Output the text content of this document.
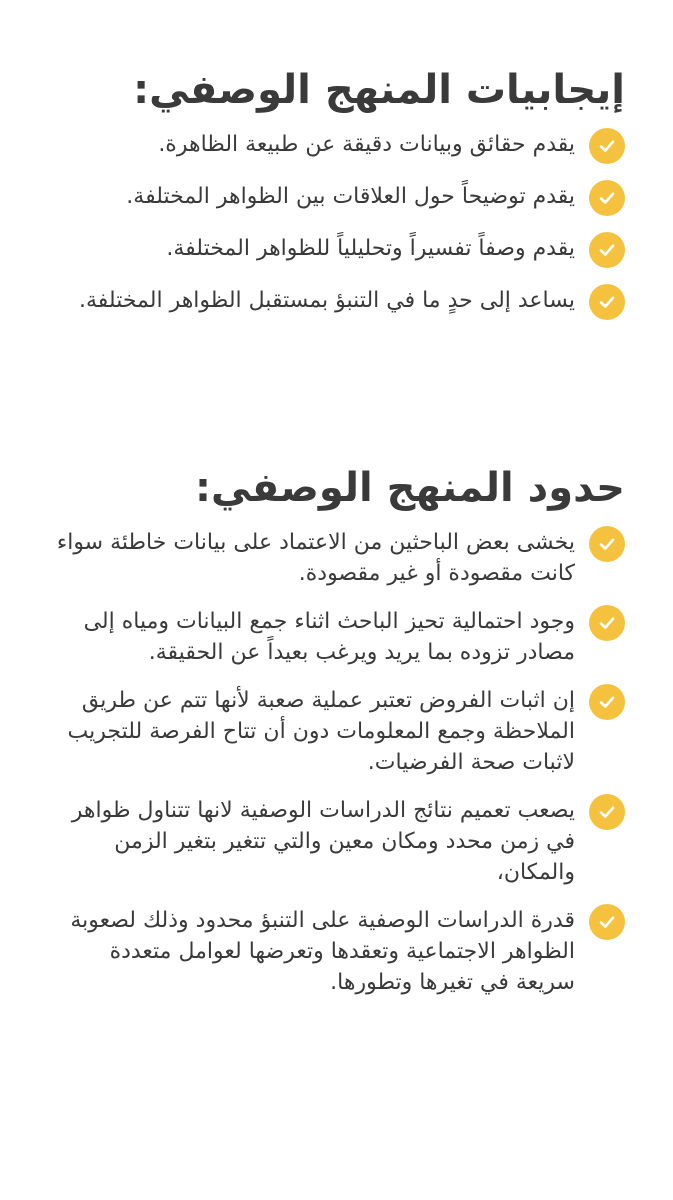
إيجابيات المنهج الوصفي:
يقدم حقائق وبيانات دقيقة عن طبيعة الظاهرة.
يقدم توضيحاً حول العلاقات بين الظواهر المختلفة.
يقدم وصفاً تفسيراً وتحليلياً للظواهر المختلفة.
يساعد إلى حدٍ ما في التنبؤ بمستقبل الظواهر المختلفة.
حدود المنهج الوصفي:
يخشى بعض الباحثين من الاعتماد على بيانات خاطئة سواء كانت مقصودة أو غير مقصودة.
وجود احتمالية تحيز الباحث اثناء جمع البيانات ومياه إلى مصادر تزوده بما يريد ويرغب بعيداً عن الحقيقة.
إن اثبات الفروض تعتبر عملية صعبة لأنها تتم عن طريق الملاحظة وجمع المعلومات دون أن تتاح الفرصة للتجريب لاثبات صحة الفرضيات.
يصعب تعميم نتائج الدراسات الوصفية لانها تتناول ظواهر في زمن محدد ومكان معين والتي تتغير بتغير الزمن والمكان،
قدرة الدراسات الوصفية على التنبؤ محدود وذلك لصعوبة الظواهر الاجتماعية وتعقدها وتعرضها لعوامل متعددة سريعة في تغيرها وتطورها.
